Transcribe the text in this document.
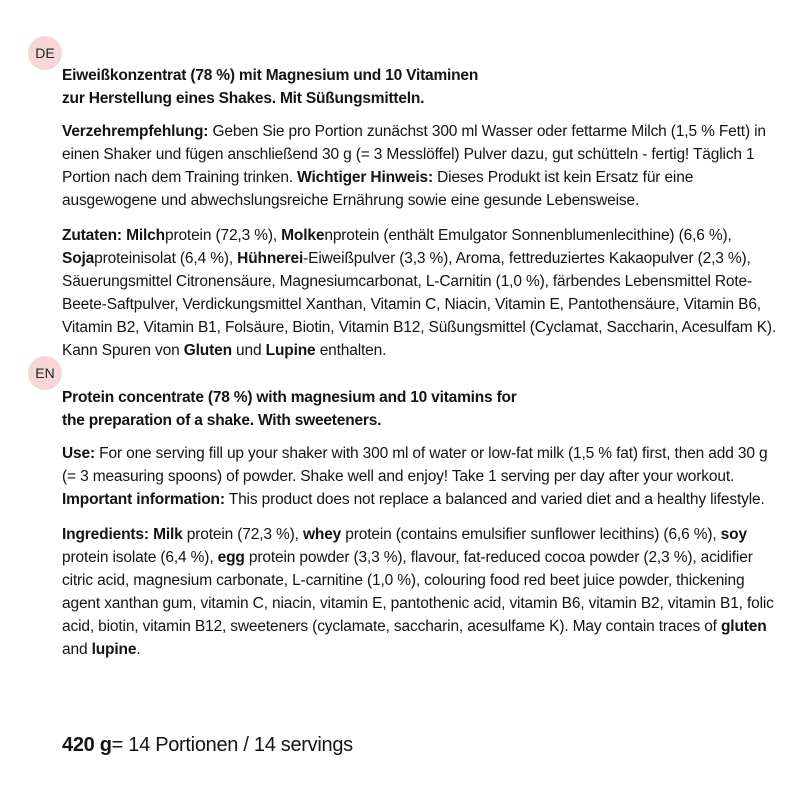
DE
Eiweißkonzentrat (78 %) mit Magnesium und 10 Vitaminen
zur Herstellung eines Shakes. Mit Süßungsmitteln.

Verzehrempfehlung: Geben Sie pro Portion zunächst 300 ml Wasser oder fettarme Milch (1,5 % Fett) in einen Shaker und fügen anschließend 30 g (= 3 Messlöffel) Pulver dazu, gut schütteln - fertig! Täglich 1 Portion nach dem Training trinken. Wichtiger Hinweis: Dieses Produkt ist kein Ersatz für eine ausgewogene und abwechslungsreiche Ernährung sowie eine gesunde Lebensweise.

Zutaten: Milchprotein (72,3 %), Molkenprotein (enthält Emulgator Sonnenblumenlecithine) (6,6 %), Sojaproteinisolat (6,4 %), Hühnerei-Eiweißpulver (3,3 %), Aroma, fettreduziertes Kakaopulver (2,3 %), Säuerungsmittel Citronensäure, Magnesiumcarbonat, L-Carnitin (1,0 %), färbendes Lebensmittel Rote-Beete-Saftpulver, Verdickungsmittel Xanthan, Vitamin C, Niacin, Vitamin E, Pantothensäure, Vitamin B6, Vitamin B2, Vitamin B1, Folsäure, Biotin, Vitamin B12, Süßungsmittel (Cyclamat, Saccharin, Acesulfam K). Kann Spuren von Gluten und Lupine enthalten.

EN
Protein concentrate (78 %) with magnesium and 10 vitamins for
the preparation of a shake. With sweeteners.

Use: For one serving fill up your shaker with 300 ml of water or low-fat milk (1,5 % fat) first, then add 30 g (= 3 measuring spoons) of powder. Shake well and enjoy! Take 1 serving per day after your workout. Important information: This product does not replace a balanced and varied diet and a healthy lifestyle.

Ingredients: Milk protein (72,3 %), whey protein (contains emulsifier sunflower lecithins) (6,6 %), soy protein isolate (6,4 %), egg protein powder (3,3 %), flavour, fat-reduced cocoa powder (2,3 %), acidifier citric acid, magnesium carbonate, L-carnitine (1,0 %), colouring food red beet juice powder, thickening agent xanthan gum, vitamin C, niacin, vitamin E, pantothenic acid, vitamin B6, vitamin B2, vitamin B1, folic acid, biotin, vitamin B12, sweeteners (cyclamate, saccharin, acesulfame K). May contain traces of gluten and lupine.

420 g= 14 Portionen / 14 servings
